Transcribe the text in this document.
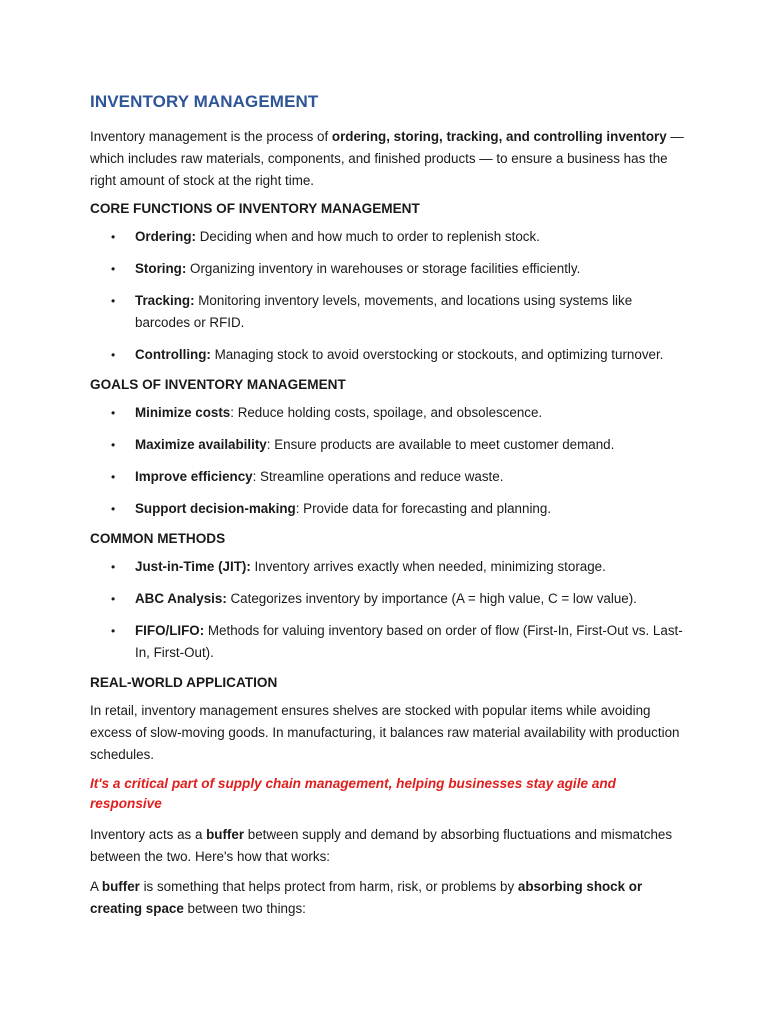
INVENTORY MANAGEMENT

Inventory management is the process of ordering, storing, tracking, and controlling inventory — which includes raw materials, components, and finished products — to ensure a business has the right amount of stock at the right time.

CORE FUNCTIONS OF INVENTORY MANAGEMENT
• Ordering: Deciding when and how much to order to replenish stock.
• Storing: Organizing inventory in warehouses or storage facilities efficiently.
• Tracking: Monitoring inventory levels, movements, and locations using systems like barcodes or RFID.
• Controlling: Managing stock to avoid overstocking or stockouts, and optimizing turnover.
GOALS OF INVENTORY MANAGEMENT
• Minimize costs: Reduce holding costs, spoilage, and obsolescence.
• Maximize availability: Ensure products are available to meet customer demand.
• Improve efficiency: Streamline operations and reduce waste.
• Support decision-making: Provide data for forecasting and planning.
COMMON METHODS
• Just-in-Time (JIT): Inventory arrives exactly when needed, minimizing storage.
• ABC Analysis: Categorizes inventory by importance (A = high value, C = low value).
• FIFO/LIFO: Methods for valuing inventory based on order of flow (First-In, First-Out vs. Last-In, First-Out).
REAL-WORLD APPLICATION

In retail, inventory management ensures shelves are stocked with popular items while avoiding excess of slow-moving goods. In manufacturing, it balances raw material availability with production schedules.

It's a critical part of supply chain management, helping businesses stay agile and responsive

Inventory acts as a buffer between supply and demand by absorbing fluctuations and mismatches between the two. Here's how that works:

A buffer is something that helps protect from harm, risk, or problems by absorbing shock or creating space between two things:
